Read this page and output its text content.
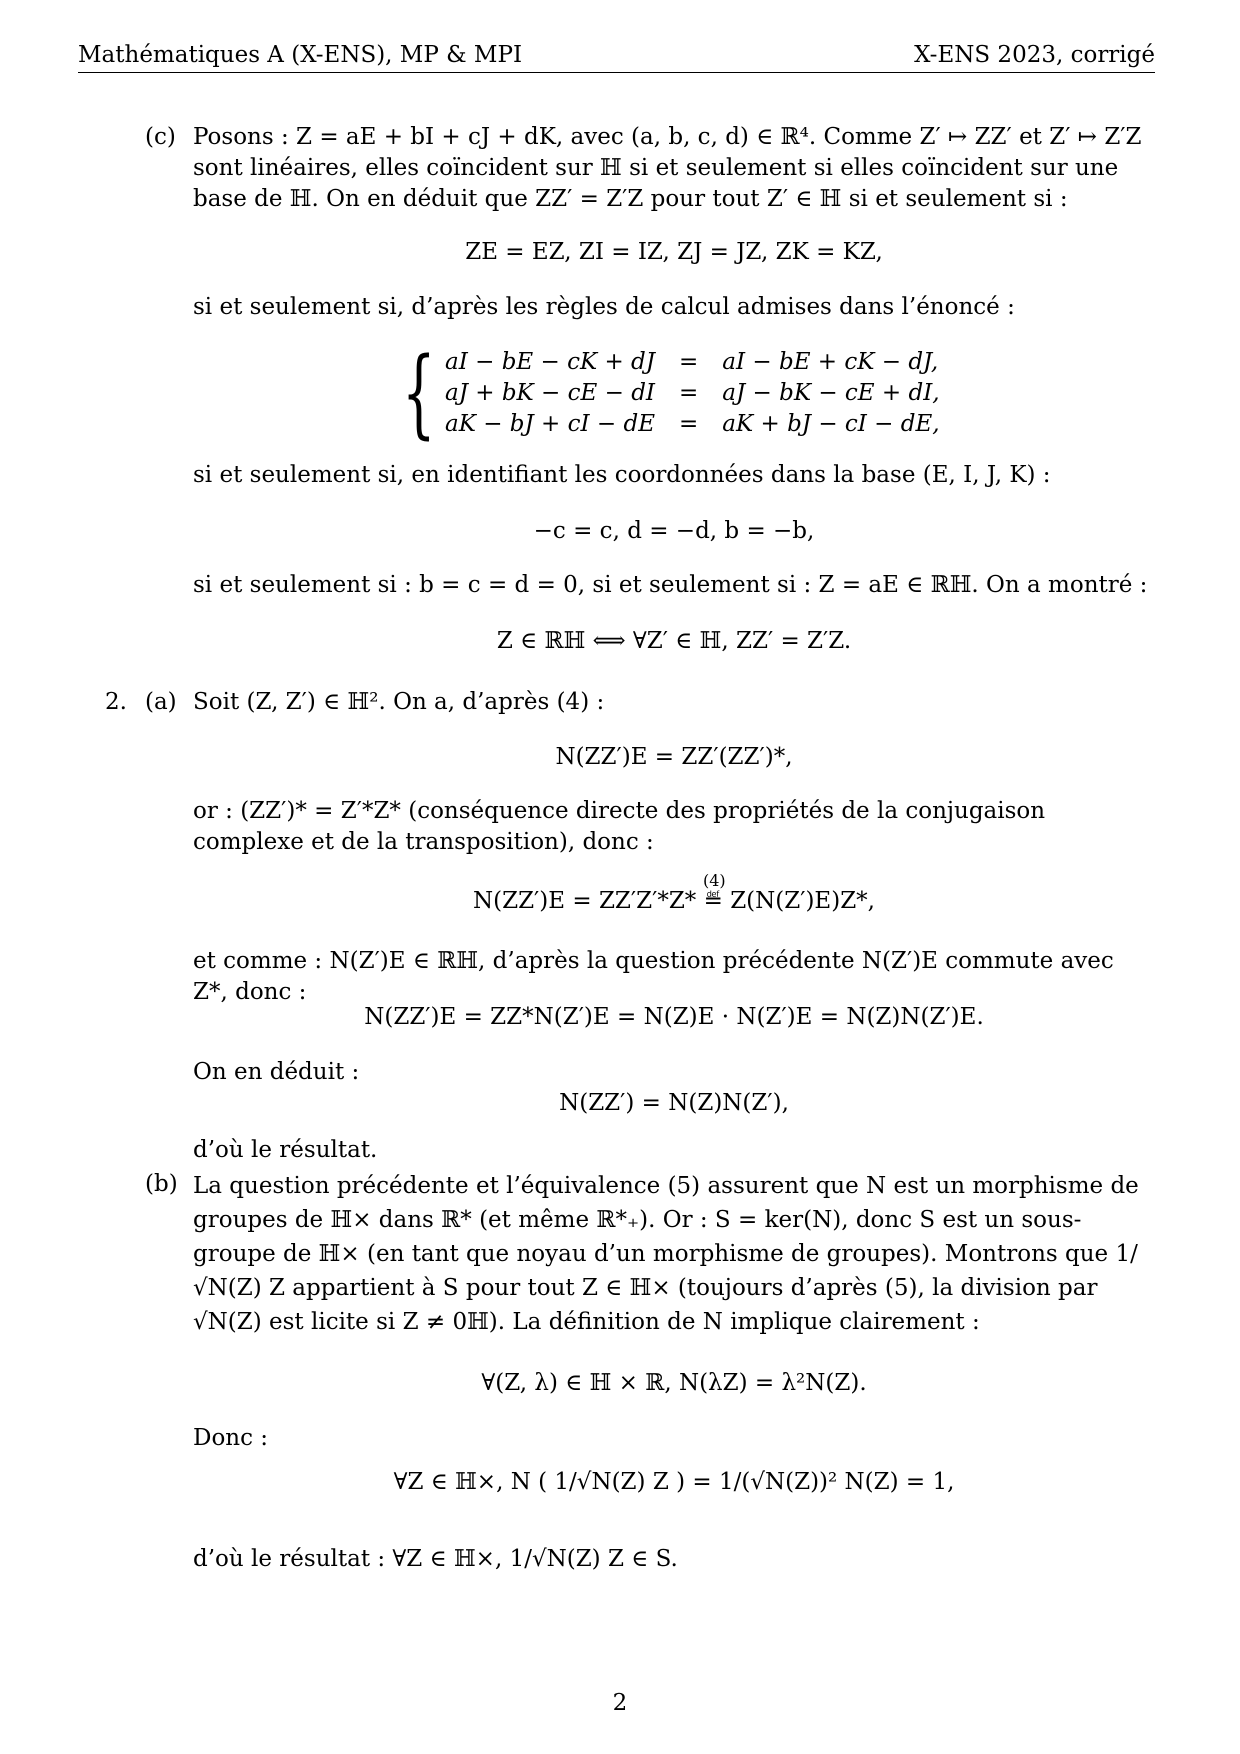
Mathématiques A (X-ENS), MP & MPI	X-ENS 2023, corrigé
(c) Posons : Z = aE + bI + cJ + dK, avec (a, b, c, d) ∈ ℝ⁴. Comme Z′ ↦ ZZ′ et Z′ ↦ Z′Z sont linéaires, elles coïncident sur ℍ si et seulement si elles coïncident sur une base de ℍ. On en déduit que ZZ′ = Z′Z pour tout Z′ ∈ ℍ si et seulement si :
ZE = EZ, ZI = IZ, ZJ = JZ, ZK = KZ,
si et seulement si, d’après les règles de calcul admises dans l’énoncé :
{ aI − bE − cK + dJ	=	aI − bE + cK − dJ,
aJ + bK − cE − dI	=	aJ − bK − cE + dI,
aK − bJ + cI − dE	=	aK + bJ − cI − dE,
si et seulement si, en identifiant les coordonnées dans la base (E, I, J, K) :
−c = c, d = −d, b = −b,
si et seulement si : b = c = d = 0, si et seulement si : Z = aE ∈ ℝℍ. On a montré :
Z ∈ ℝℍ ⟺ ∀Z′ ∈ ℍ, ZZ′ = Z′Z.
2. (a) Soit (Z, Z′) ∈ ℍ². On a, d’après (4) :
N(ZZ′)E = ZZ′(ZZ′)*,
or : (ZZ′)* = Z′*Z* (conséquence directe des propriétés de la conjugaison complexe et de la transposition), donc :
N(ZZ′)E = ZZ′Z′*Z* ≝ Z(N(Z′)E)Z*,
(4)
et comme : N(Z′)E ∈ ℝℍ, d’après la question précédente N(Z′)E commute avec Z*, donc :
N(ZZ′)E = ZZ*N(Z′)E = N(Z)E · N(Z′)E = N(Z)N(Z′)E.
On en déduit :
N(ZZ′) = N(Z)N(Z′),
d’où le résultat.
(b) La question précédente et l’équivalence (5) assurent que N est un morphisme de groupes de ℍ× dans ℝ* (et même ℝ*₊). Or : S = ker(N), donc S est un sous-groupe de ℍ× (en tant que noyau d’un morphisme de groupes). Montrons que 1/√N(Z) Z appartient à S pour tout Z ∈ ℍ× (toujours d’après (5), la division par √N(Z) est licite si Z ≠ 0ℍ). La définition de N implique clairement :
∀(Z, λ) ∈ ℍ × ℝ, N(λZ) = λ²N(Z).
Donc :
∀Z ∈ ℍ×, N ( 1/√N(Z) Z ) = 1/(√N(Z))² N(Z) = 1,
d’où le résultat : ∀Z ∈ ℍ×, 1/√N(Z) Z ∈ S.
2
